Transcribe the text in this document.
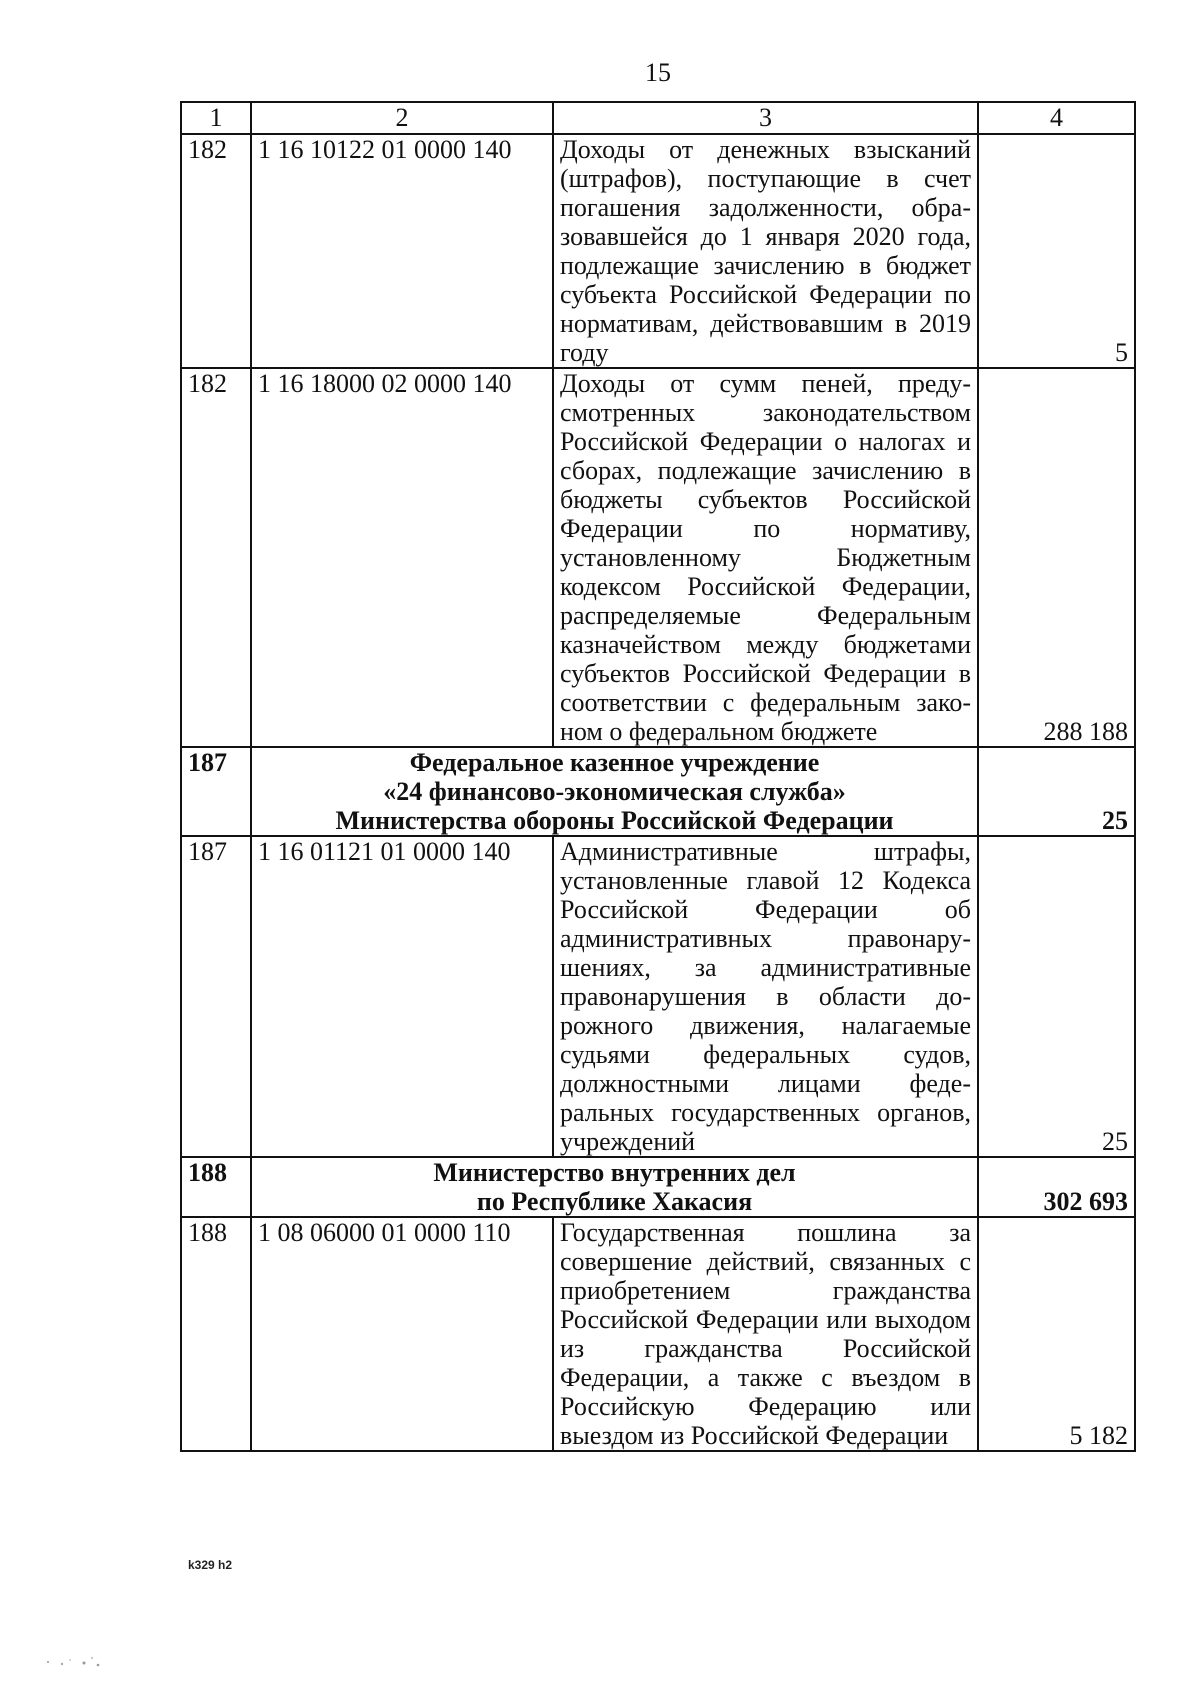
15
1	2	3	4
182	1 16 10122 01 0000 140	Доходы от денежных взысканий (штрафов), поступающие в счет погашения задолженности, образовавшейся до 1 января 2020 года, подлежащие зачислению в бюджет субъекта Российской Федерации по нормативам, действовавшим в 2019 году	5
182	1 16 18000 02 0000 140	Доходы от сумм пеней, предусмотренных законодательством Российской Федерации о налогах и сборах, подлежащие зачислению в бюджеты субъектов Российской Федерации по нормативу, установленному Бюджетным кодексом Российской Федерации, распределяемые Федеральным казначейством между бюджетами субъектов Российской Федерации в соответствии с федеральным законом о федеральном бюджете	288 188
187	Федеральное казенное учреждение
«24 финансово-экономическая служба»
Министерства обороны Российской Федерации		25
187	1 16 01121 01 0000 140	Административные штрафы, установленные главой 12 Кодекса Российской Федерации об административных правонарушениях, за административные правонарушения в области дорожного движения, налагаемые судьями федеральных судов, должностными лицами федеральных государственных органов, учреждений	25
188	Министерство внутренних дел
по Республике Хакасия		302 693
188	1 08 06000 01 0000 110	Государственная пошлина за совершение действий, связанных с приобретением гражданства Российской Федерации или выходом из гражданства Российской Федерации, а также с въездом в Российскую Федерацию или выездом из Российской Федерации	5 182
k329 h2
